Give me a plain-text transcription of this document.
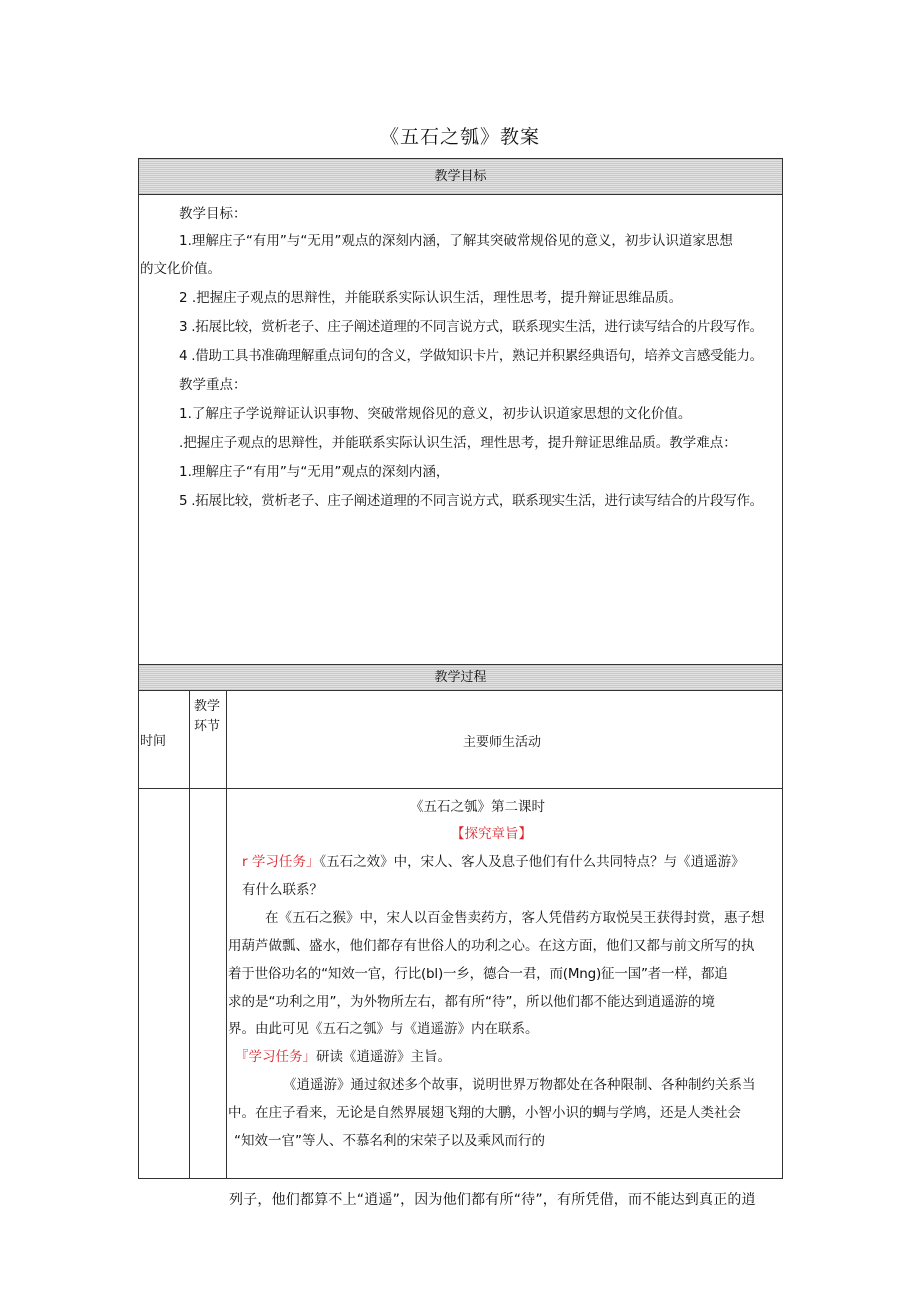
《五石之瓠》教案
教学目标
教学目标：
1.理解庄子“有用”与“无用”观点的深刻内涵，了解其突破常规俗见的意义，初步认识道家思想
的文化价值。
2 .把握庄子观点的思辩性，并能联系实际认识生活，理性思考，提升辩证思维品质。
3 .拓展比较，赏析老子、庄子阐述道理的不同言说方式，联系现实生活，进行读写结合的片段写作。
4 .借助工具书准确理解重点词句的含义，学做知识卡片，熟记并积累经典语句，培养文言感受能力。
教学重点：
1.了解庄子学说辩证认识事物、突破常规俗见的意义，初步认识道家思想的文化价值。
.把握庄子观点的思辩性，并能联系实际认识生活，理性思考，提升辩证思维品质。教学难点：
1.理解庄子“有用”与“无用”观点的深刻内涵，
5 .拓展比较，赏析老子、庄子阐述道理的不同言说方式，联系现实生活，进行读写结合的片段写作。
教学过程
时间
教学
环节
主要师生活动
《五石之瓠》第二课时
【探究章旨】
r 学习任务」《五石之效》中，宋人、客人及息子他们有什么共同特点？与《逍遥游》
有什么联系？
在《五石之猴》中，宋人以百金售卖药方，客人凭借药方取悦吴王获得封赏，惠子想
用葫芦做瓢、盛水，他们都存有世俗人的功利之心。在这方面，他们又都与前文所写的执
着于世俗功名的“知效一官，行比(bl)一乡，德合一君，而(Mng)征一国”者一样，都追
求的是“功利之用”，为外物所左右，都有所“待”，所以他们都不能达到逍遥游的境
界。由此可见《五石之瓠》与《逍遥游》内在联系。
『学习任务」研读《逍遥游》主旨。
《逍遥游》通过叙述多个故事，说明世界万物都处在各种限制、各种制约关系当
中。在庄子看来，无论是自然界展翅飞翔的大鹏，小智小识的蜩与学鸠，还是人类社会
“知效一官”等人、不慕名利的宋荣子以及乘风而行的
列子，他们都算不上“逍遥”，因为他们都有所“待”，有所凭借，而不能达到真正的逍
